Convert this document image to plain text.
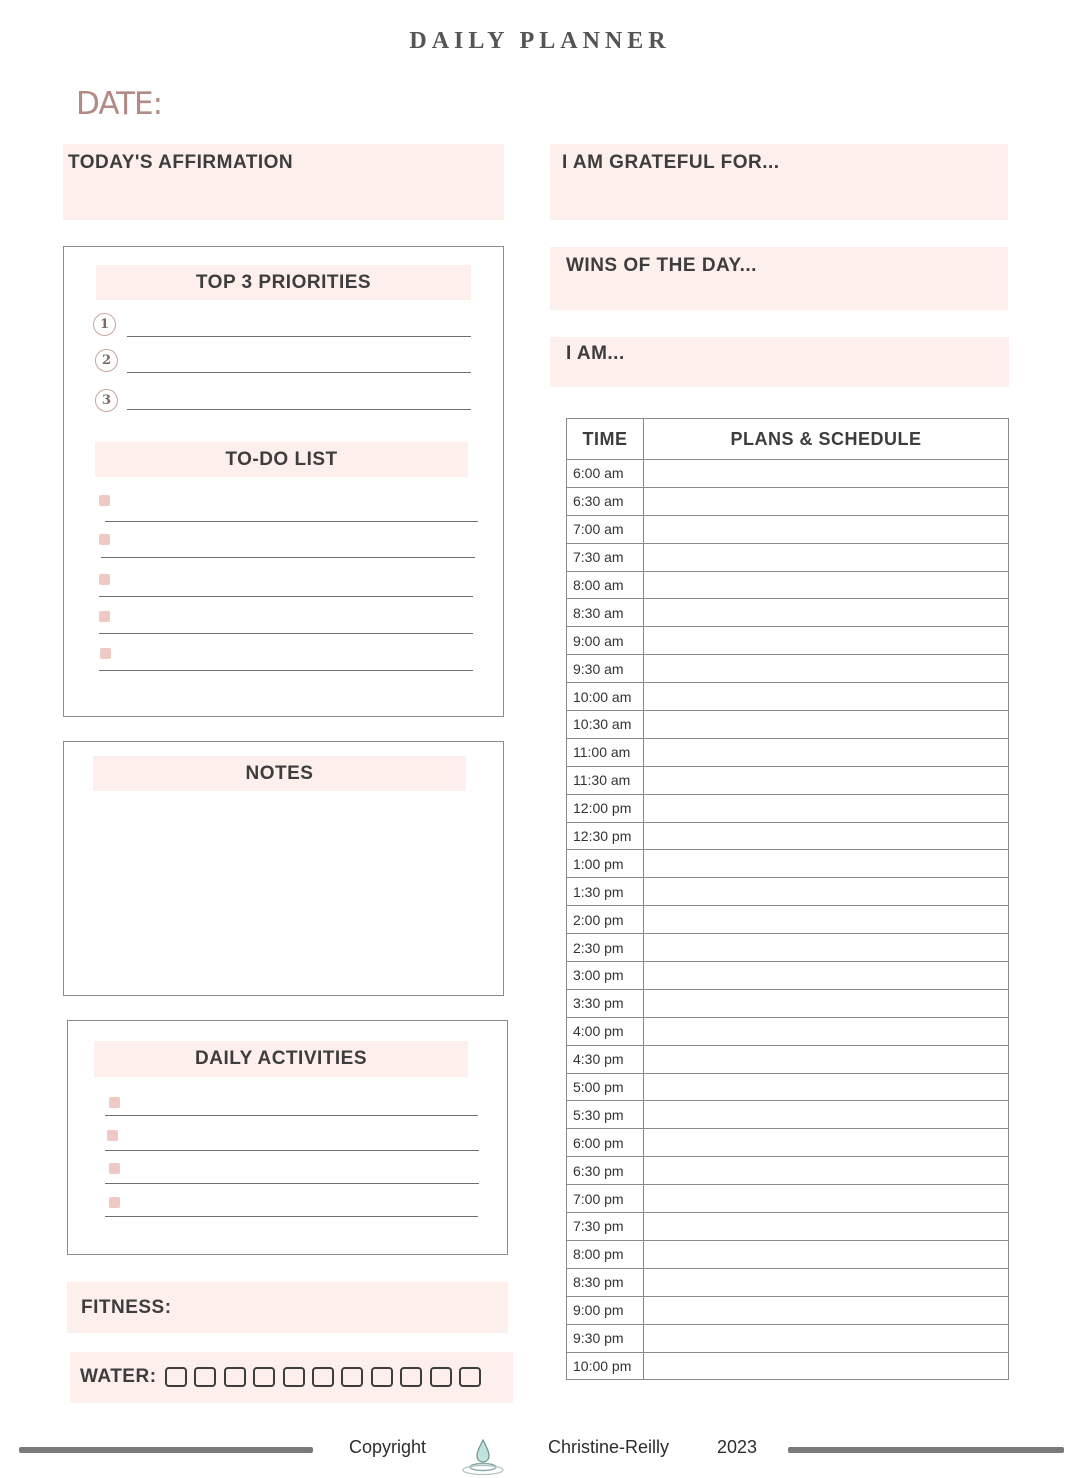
DAILY PLANNER
DATE:
TODAY'S AFFIRMATION	I AM GRATEFUL FOR...
WINS OF THE DAY...
I AM...
TOP 3 PRIORITIES
1
2
3
TO-DO LIST
NOTES
DAILY ACTIVITIES
FITNESS:
WATER:
TIME	PLANS & SCHEDULE
6:00 am	
6:30 am	
7:00 am	
7:30 am	
8:00 am	
8:30 am	
9:00 am	
9:30 am	
10:00 am	
10:30 am	
11:00 am	
11:30 am	
12:00 pm	
12:30 pm	
1:00 pm	
1:30 pm	
2:00 pm	
2:30 pm	
3:00 pm	
3:30 pm	
4:00 pm	
4:30 pm	
5:00 pm	
5:30 pm	
6:00 pm	
6:30 pm	
7:00 pm	
7:30 pm	
8:00 pm	
8:30 pm	
9:00 pm	
9:30 pm	
10:00 pm	
Copyright	Christine-Reilly	2023
